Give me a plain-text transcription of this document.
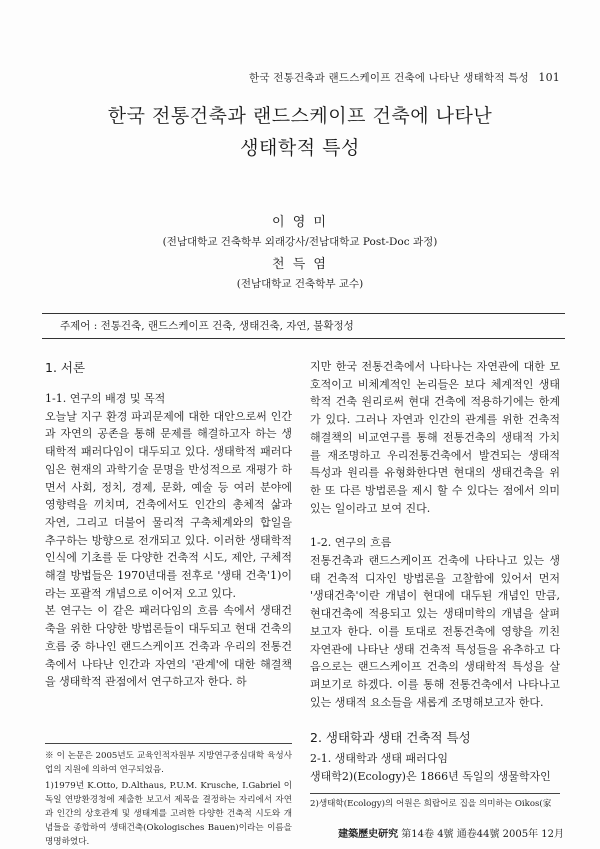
한국 전통건축과 랜드스케이프 건축에 나타난 생태학적 특성 101
한국 전통건축과 랜드스케이프 건축에 나타난
생태학적 특성
이 영 미
(전남대학교 건축학부 외래강사/전남대학교 Post-Doc 과정)
천 득 염
(전남대학교 건축학부 교수)
주제어 : 전통건축, 랜드스케이프 건축, 생태건축, 자연, 불확정성
1. 서론
1-1. 연구의 배경 및 목적

오늘날 지구 환경 파괴문제에 대한 대안으로써 인간과 자연의 공존을 통해 문제를 해결하고자 하는 생태학적 패러다임이 대두되고 있다. 생태학적 패러다임은 현재의 과학기술 문명을 반성적으로 재평가 하면서 사회, 정치, 경제, 문화, 예술 등 여러 분야에 영향력을 끼치며, 건축에서도 인간의 총체적 삶과 자연, 그리고 더불어 물리적 구축체계와의 합일을 추구하는 방향으로 전개되고 있다. 이러한 생태학적 인식에 기초를 둔 다양한 건축적 시도, 제안, 구체적 해결 방법들은 1970년대를 전후로 '생태 건축'1)이라는 포괄적 개념으로 이어져 오고 있다.

본 연구는 이 같은 패러다임의 흐름 속에서 생태건축을 위한 다양한 방법론들이 대두되고 현대 건축의 흐름 중 하나인 랜드스케이프 건축과 우리의 전통건축에서 나타난 인간과 자연의 '관계'에 대한 해결책을 생태학적 관점에서 연구하고자 한다. 하

지만 한국 전통건축에서 나타나는 자연관에 대한 모호적이고 비체계적인 논리들은 보다 체계적인 생태학적 건축 원리로써 현대 건축에 적용하기에는 한계가 있다. 그러나 자연과 인간의 관계를 위한 건축적 해결책의 비교연구를 통해 전통건축의 생태적 가치를 재조명하고 우리전통건축에서 발견되는 생태적 특성과 원리를 유형화한다면 현대의 생태건축을 위한 또 다른 방법론을 제시 할 수 있다는 점에서 의미 있는 일이라고 보여 진다.

1-2. 연구의 흐름

전통건축과 랜드스케이프 건축에 나타나고 있는 생태 건축적 디자인 방법론을 고찰함에 있어서 먼저 '생태건축'이란 개념이 현대에 대두된 개념인 만큼, 현대건축에 적용되고 있는 생태미학의 개념을 살펴보고자 한다. 이를 토대로 전통건축에 영향을 끼친 자연관에 나타난 생태 건축적 특성들을 유추하고 다음으로는 랜드스케이프 건축의 생태학적 특성을 살펴보기로 하겠다. 이를 통해 전통건축에서 나타나고 있는 생태적 요소들을 새롭게 조명해보고자 한다.

2. 생태학과 생태 건축적 특성
2-1. 생태학과 생태 패러다임

생태학2)(Ecology)은 1866년 독일의 생물학자인

※ 이 논문은 2005년도 교육인적자원부 지방연구중심대학 육성사업의 지원에 의하여 연구되었음.
1)1979년 K.Otto, D.Althaus, P.U.M. Krusche, I.Gabriel 이 독일 연방환경청에 제출한 보고서 제목을 결정하는 자리에서 자연과 인간의 상호관계 및 생태계를 고려한 다양한 건축적 시도와 개념들을 종합하여 생태건축(Okologisches Bauen)이라는 이름을 명명하였다.
2)생태학(Ecology)의 어원은 희랍어로 집을 의미하는 Oikos(家
建築歷史研究 第14卷 4號 通卷44號 2005年 12月
